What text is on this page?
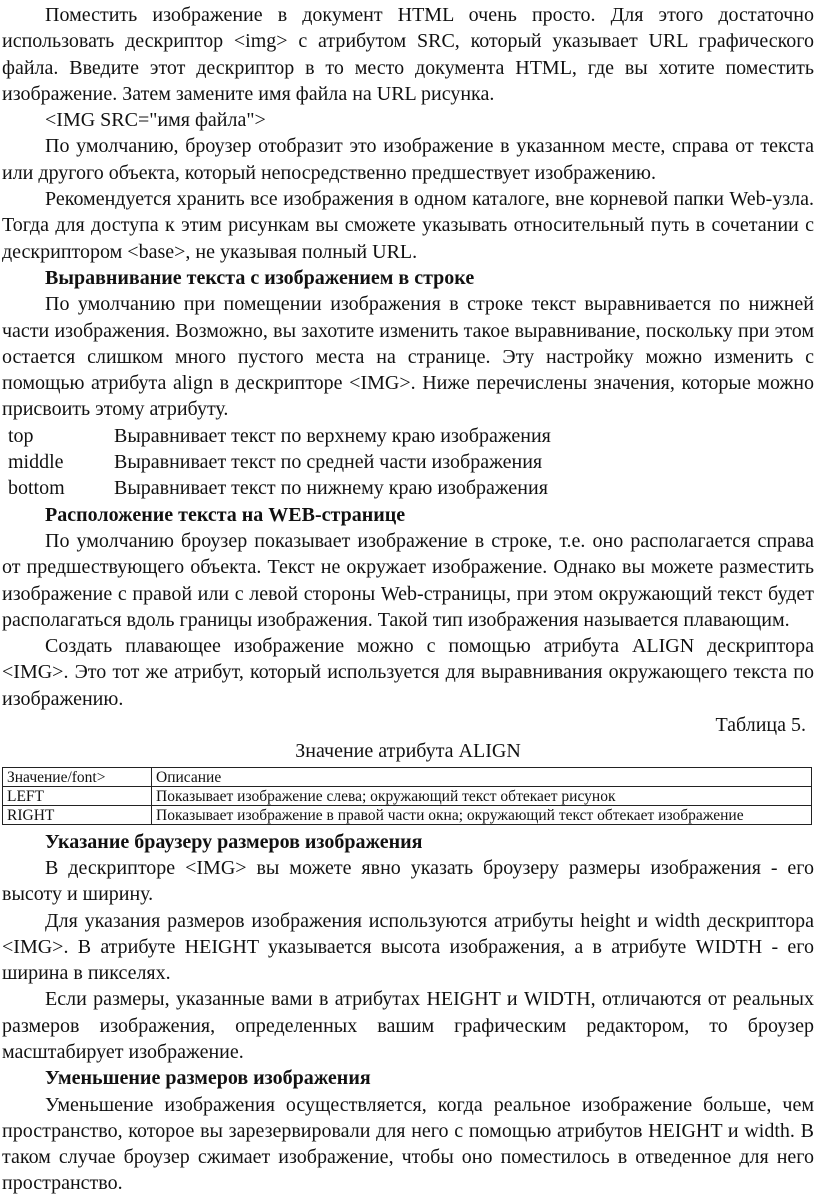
Поместить изображение в документ HTML очень просто. Для этого достаточно использовать дескриптор <img> с атрибутом SRC, который указывает URL графического файла. Введите этот дескриптор в то место документа HTML, где вы хотите поместить изображение. Затем замените имя файла на URL рисунка.

<IMG SRC="имя файла">

По умолчанию, броузер отобразит это изображение в указанном месте, справа от текста или другого объекта, который непосредственно предшествует изображению.

Рекомендуется хранить все изображения в одном каталоге, вне корневой папки Web-узла. Тогда для доступа к этим рисункам вы сможете указывать относительный путь в сочетании с дескриптором <base>, не указывая полный URL.

Выравнивание текста с изображением в строке

По умолчанию при помещении изображения в строке текст выравнивается по нижней части изображения. Возможно, вы захотите изменить такое выравнивание, поскольку при этом остается слишком много пустого места на странице. Эту настройку можно изменить с помощью атрибута align в дескрипторе <IMG>. Ниже перечислены значения, которые можно присвоить этому атрибуту.

top	Выравнивает текст по верхнему краю изображения
middle	Выравнивает текст по средней части изображения
bottom	Выравнивает текст по нижнему краю изображения

Расположение текста на WEB-странице

По умолчанию броузер показывает изображение в строке, т.е. оно располагается справа от предшествующего объекта. Текст не окружает изображение. Однако вы можете разместить изображение с правой или с левой стороны Web-страницы, при этом окружающий текст будет располагаться вдоль границы изображения. Такой тип изображения называется плавающим.

Создать плавающее изображение можно с помощью атрибута ALIGN дескриптора <IMG>. Это тот же атрибут, который используется для выравнивания окружающего текста по изображению.

Таблица 5.

Значение атрибута ALIGN

Значение/font>	Описание
LEFT	Показывает изображение слева; окружающий текст обтекает рисунок
RIGHT	Показывает изображение в правой части окна; окружающий текст обтекает изображение

Указание браузеру размеров изображения

В дескрипторе <IMG> вы можете явно указать броузеру размеры изображения - его высоту и ширину.

Для указания размеров изображения используются атрибуты height и width дескриптора <IMG>. В атрибуте HEIGHT указывается высота изображения, а в атрибуте WIDTH - его ширина в пикселях.

Если размеры, указанные вами в атрибутах HEIGHT и WIDTH, отличаются от реальных размеров изображения, определенных вашим графическим редактором, то броузер масштабирует изображение.

Уменьшение размеров изображения

Уменьшение изображения осуществляется, когда реальное изображение больше, чем пространство, которое вы зарезервировали для него с помощью атрибутов HEIGHT и width. В таком случае броузер сжимает изображение, чтобы оно поместилось в отведенное для него пространство.
